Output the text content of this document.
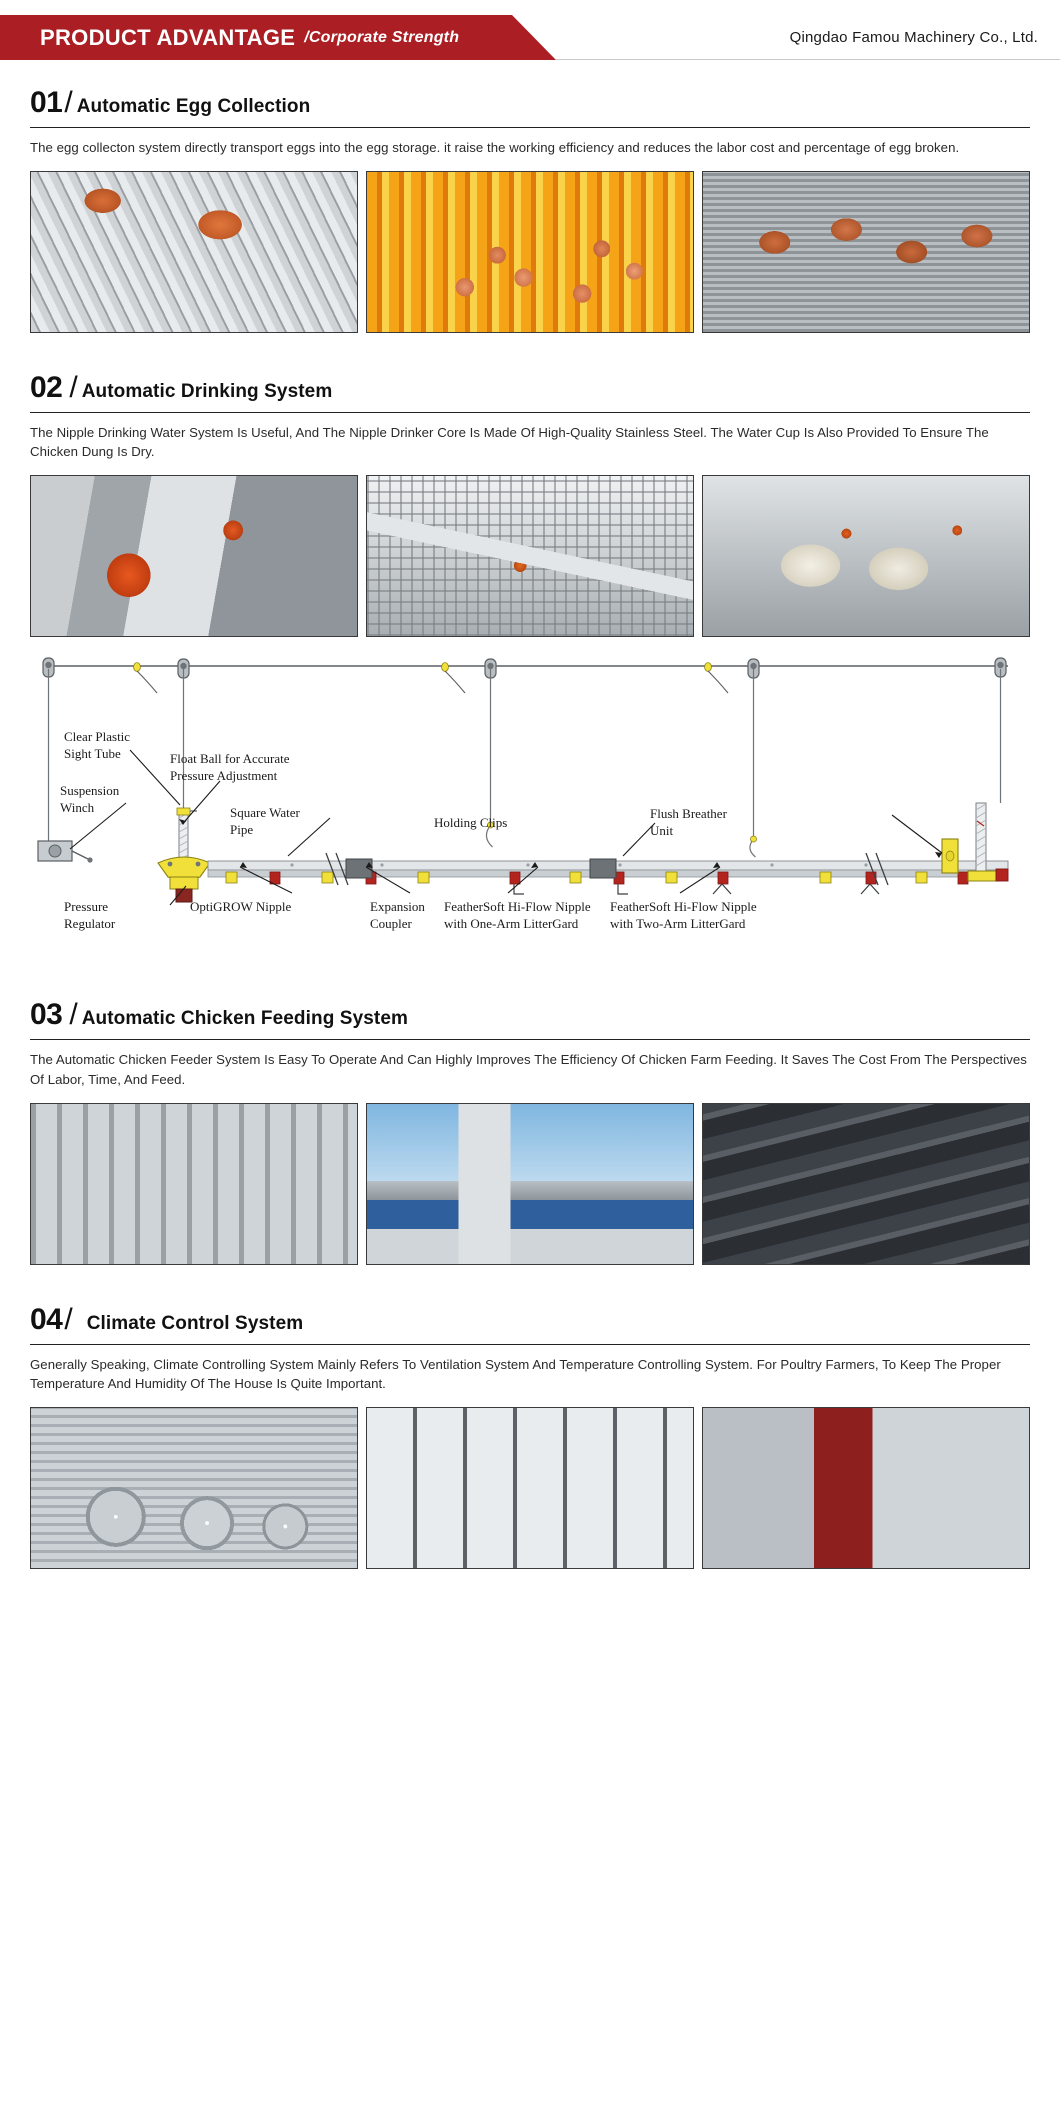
PRODUCT ADVANTAGE /Corporate Strength	Qingdao Famou Machinery Co., Ltd.
01 / Automatic Egg Collection
The egg collecton system directly transport eggs into the egg storage. it raise the working efficiency and reduces the labor cost and percentage of egg broken.
02 / Automatic Drinking System
The Nipple Drinking Water System Is Useful, And The Nipple Drinker Core Is Made Of High-Quality Stainless Steel. The Water Cup Is Also Provided To Ensure The Chicken Dung Is Dry.
Clear Plastic
Sight Tube	Float Ball for Accurate
Pressure Adjustment
Suspension
Winch	Square Water
Pipe	Holding Clips
Flush Breather
Unit
Pressure
Regulator
OptiGROW Nipple	Expansion
Coupler
FeatherSoft Hi-Flow Nipple
with One-Arm LitterGard
FeatherSoft Hi-Flow Nipple
with Two-Arm LitterGard
03 / Automatic Chicken Feeding System
The Automatic Chicken Feeder System Is Easy To Operate And Can Highly Improves The Efficiency Of Chicken Farm Feeding. It Saves The Cost From The Perspectives Of Labor, Time, And Feed.
04 / Climate Control System
Generally Speaking, Climate Controlling System Mainly Refers To Ventilation System And Temperature Controlling System. For Poultry Farmers, To Keep The Proper Temperature And Humidity Of The House Is Quite Important.
